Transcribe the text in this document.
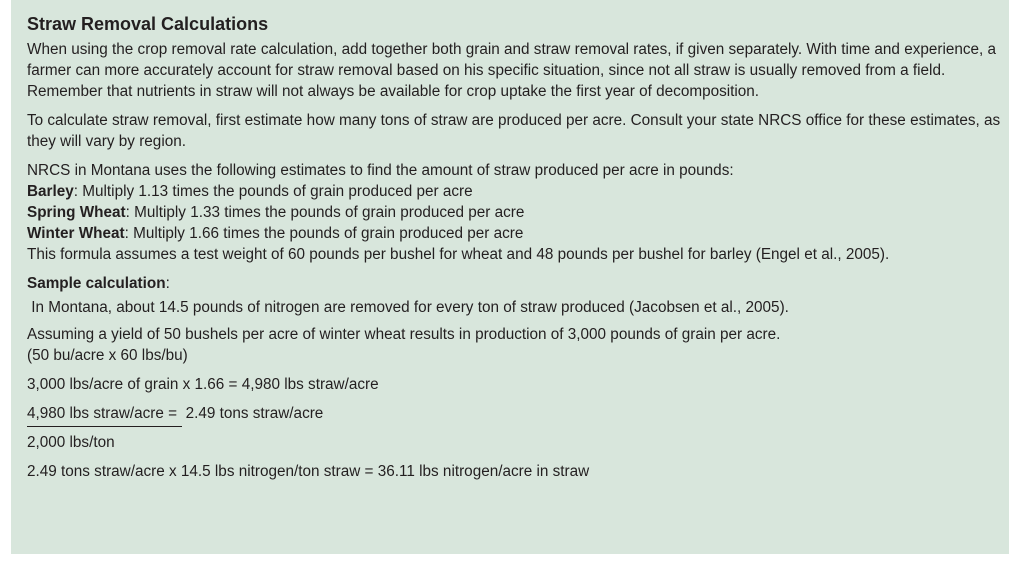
Straw Removal Calculations

When using the crop removal rate calculation, add together both grain and straw removal rates, if given separately. With time and experience, a farmer can more accurately account for straw removal based on his specific situation, since not all straw is usually removed from a field. Remember that nutrients in straw will not always be available for crop uptake the first year of decomposition.

To calculate straw removal, first estimate how many tons of straw are produced per acre. Consult your state NRCS office for these estimates, as they will vary by region.

NRCS in Montana uses the following estimates to find the amount of straw produced per acre in pounds:

Barley: Multiply 1.13 times the pounds of grain produced per acre
Spring Wheat: Multiply 1.33 times the pounds of grain produced per acre
Winter Wheat: Multiply 1.66 times the pounds of grain produced per acre

This formula assumes a test weight of 60 pounds per bushel for wheat and 48 pounds per bushel for barley (Engel et al., 2005).

Sample calculation:
In Montana, about 14.5 pounds of nitrogen are removed for every ton of straw produced (Jacobsen et al., 2005).
Assuming a yield of 50 bushels per acre of winter wheat results in production of 3,000 pounds of grain per acre.
(50 bu/acre x 60 lbs/bu)
3,000 lbs/acre of grain x 1.66 = 4,980 lbs straw/acre
4,980 lbs straw/acre =  2.49 tons straw/acre
2,000 lbs/ton
2.49 tons straw/acre x 14.5 lbs nitrogen/ton straw = 36.11 lbs nitrogen/acre in straw
